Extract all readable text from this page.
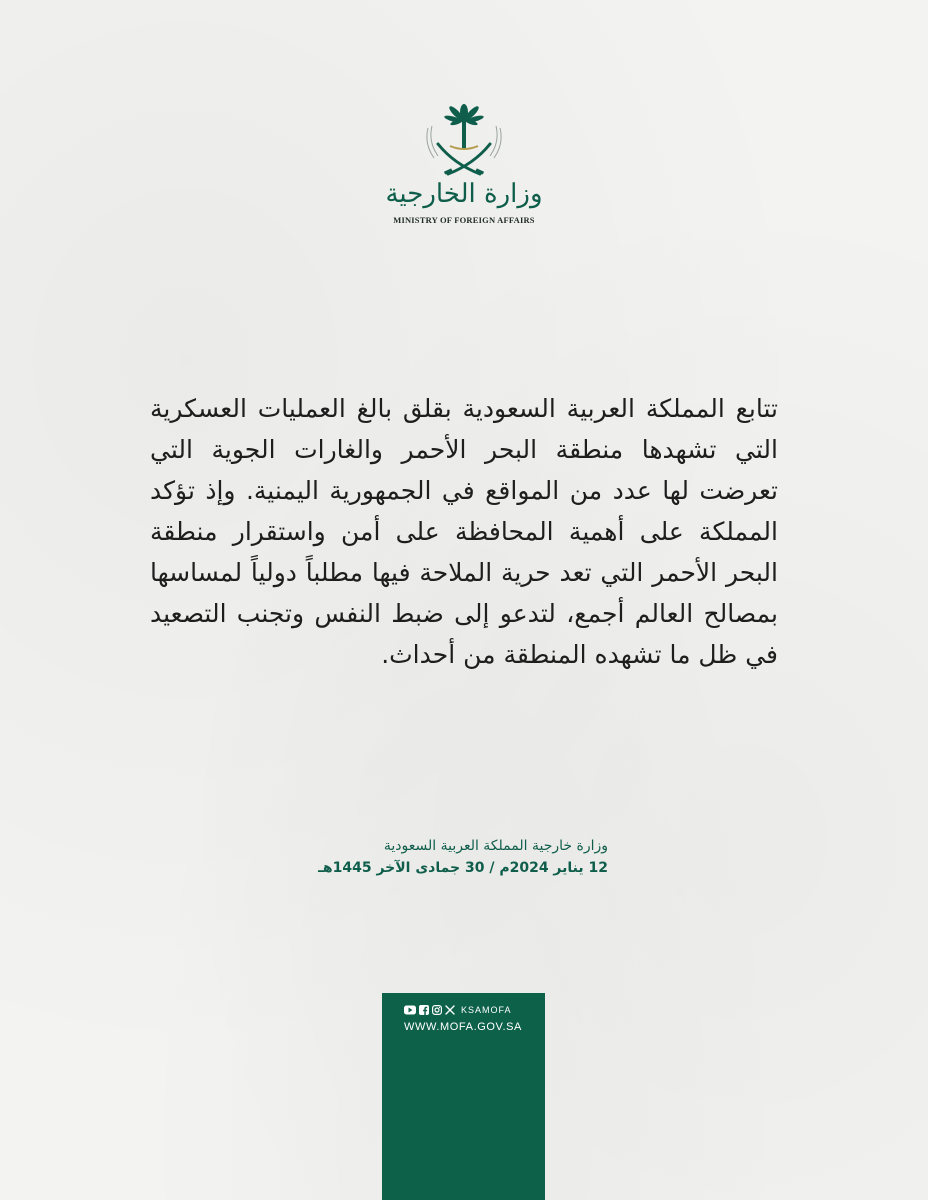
وزارة الخارجية
MINISTRY OF FOREIGN AFFAIRS
تتابع المملكة العربية السعودية بقلق بالغ العمليات العسكرية التي تشهدها منطقة البحر الأحمر والغارات الجوية التي تعرضت لها عدد من المواقع في الجمهورية اليمنية. وإذ تؤكد المملكة على أهمية المحافظة على أمن واستقرار منطقة البحر الأحمر التي تعد حرية الملاحة فيها مطلباً دولياً لمساسها بمصالح العالم أجمع، لتدعو إلى ضبط النفس وتجنب التصعيد في ظل ما تشهده المنطقة من أحداث.
وزارة خارجية المملكة العربية السعودية
12 يناير 2024م / 30 جمادى الآخر 1445هـ
KSAMOFA
WWW.MOFA.GOV.SA
